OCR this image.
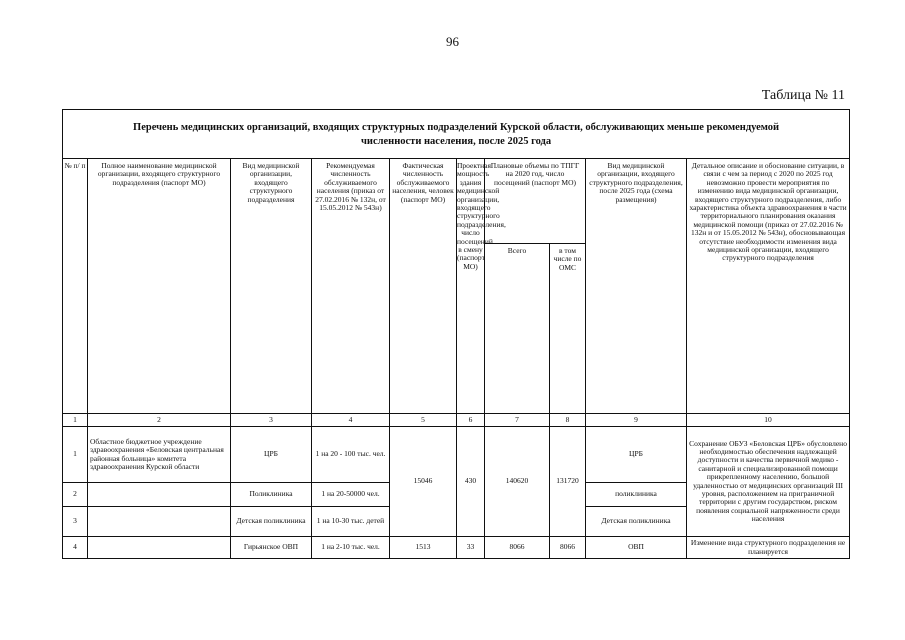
96
Таблица № 11
Перечень медицинских организаций, входящих структурных подразделений Курской области, обслуживающих меньше рекомендуемой численности населения, после 2025 года									
№ п/ п	Полное наименование медицинской организации, входящего структурного подразделения (паспорт МО)	Вид медицинской организации, входящего структурного подразделения	Рекомендуемая численность обслуживаемого населения (приказ от 27.02.2016 № 132н, от 15.05.2012 № 543н)	Фактическая численность обслуживаемого населения, человек (паспорт МО)	Проектная мощность здания медицинской организации, входящего структурного подразделения, число посещений в смену (паспорт МО)	Плановые объемы по ТПГГ на 2020 год, число посещений (паспорт МО)		Вид медицинской организации, входящего структурного подразделения, после 2025 года (схема размещения)	Детальное описание и обоснование ситуации, в связи с чем за период с 2020 по 2025 год невозможно провести мероприятия по изменению вида медицинской организации, входящего структурного подразделения, либо характеристика объекта здравоохранения в части территориального планирования оказания медицинской помощи (приказ от 27.02.2016 № 132н и от 15.05.2012 № 543н), обосновывающая отсутствие необходимости изменения вида медицинской организации, входящего структурного подразделения
						Всего	в том числе по ОМС		
1	2	3	4	5	6	7	8	9	10
1	Областное бюджетное учреждение здравоохранения «Беловская центральная районная больница» комитета здравоохранения Курской области	ЦРБ	1 на 20 - 100 тыс. чел.	15046	430	140620	131720	ЦРБ	Сохранение ОБУЗ «Беловская ЦРБ» обусловлено необходимостью обеспечения надлежащей доступности и качества первичной медико - санитарной и специализированной помощи прикрепленному населению, большой удаленностью от медицинских организаций III уровня, расположением на приграничной территории с другим государством, риском появления социальной напряженности среди населения
2		Поликлиника	1 на 20-50000 чел.					поликлиника	
3		Детская поликлиника	1 на 10-30 тыс. детей					Детская поликлиника	
4		Гирьянское ОВП	1 на 2-10 тыс. чел.	1513	33	8066	8066	ОВП	Изменение вида структурного подразделения не планируется
